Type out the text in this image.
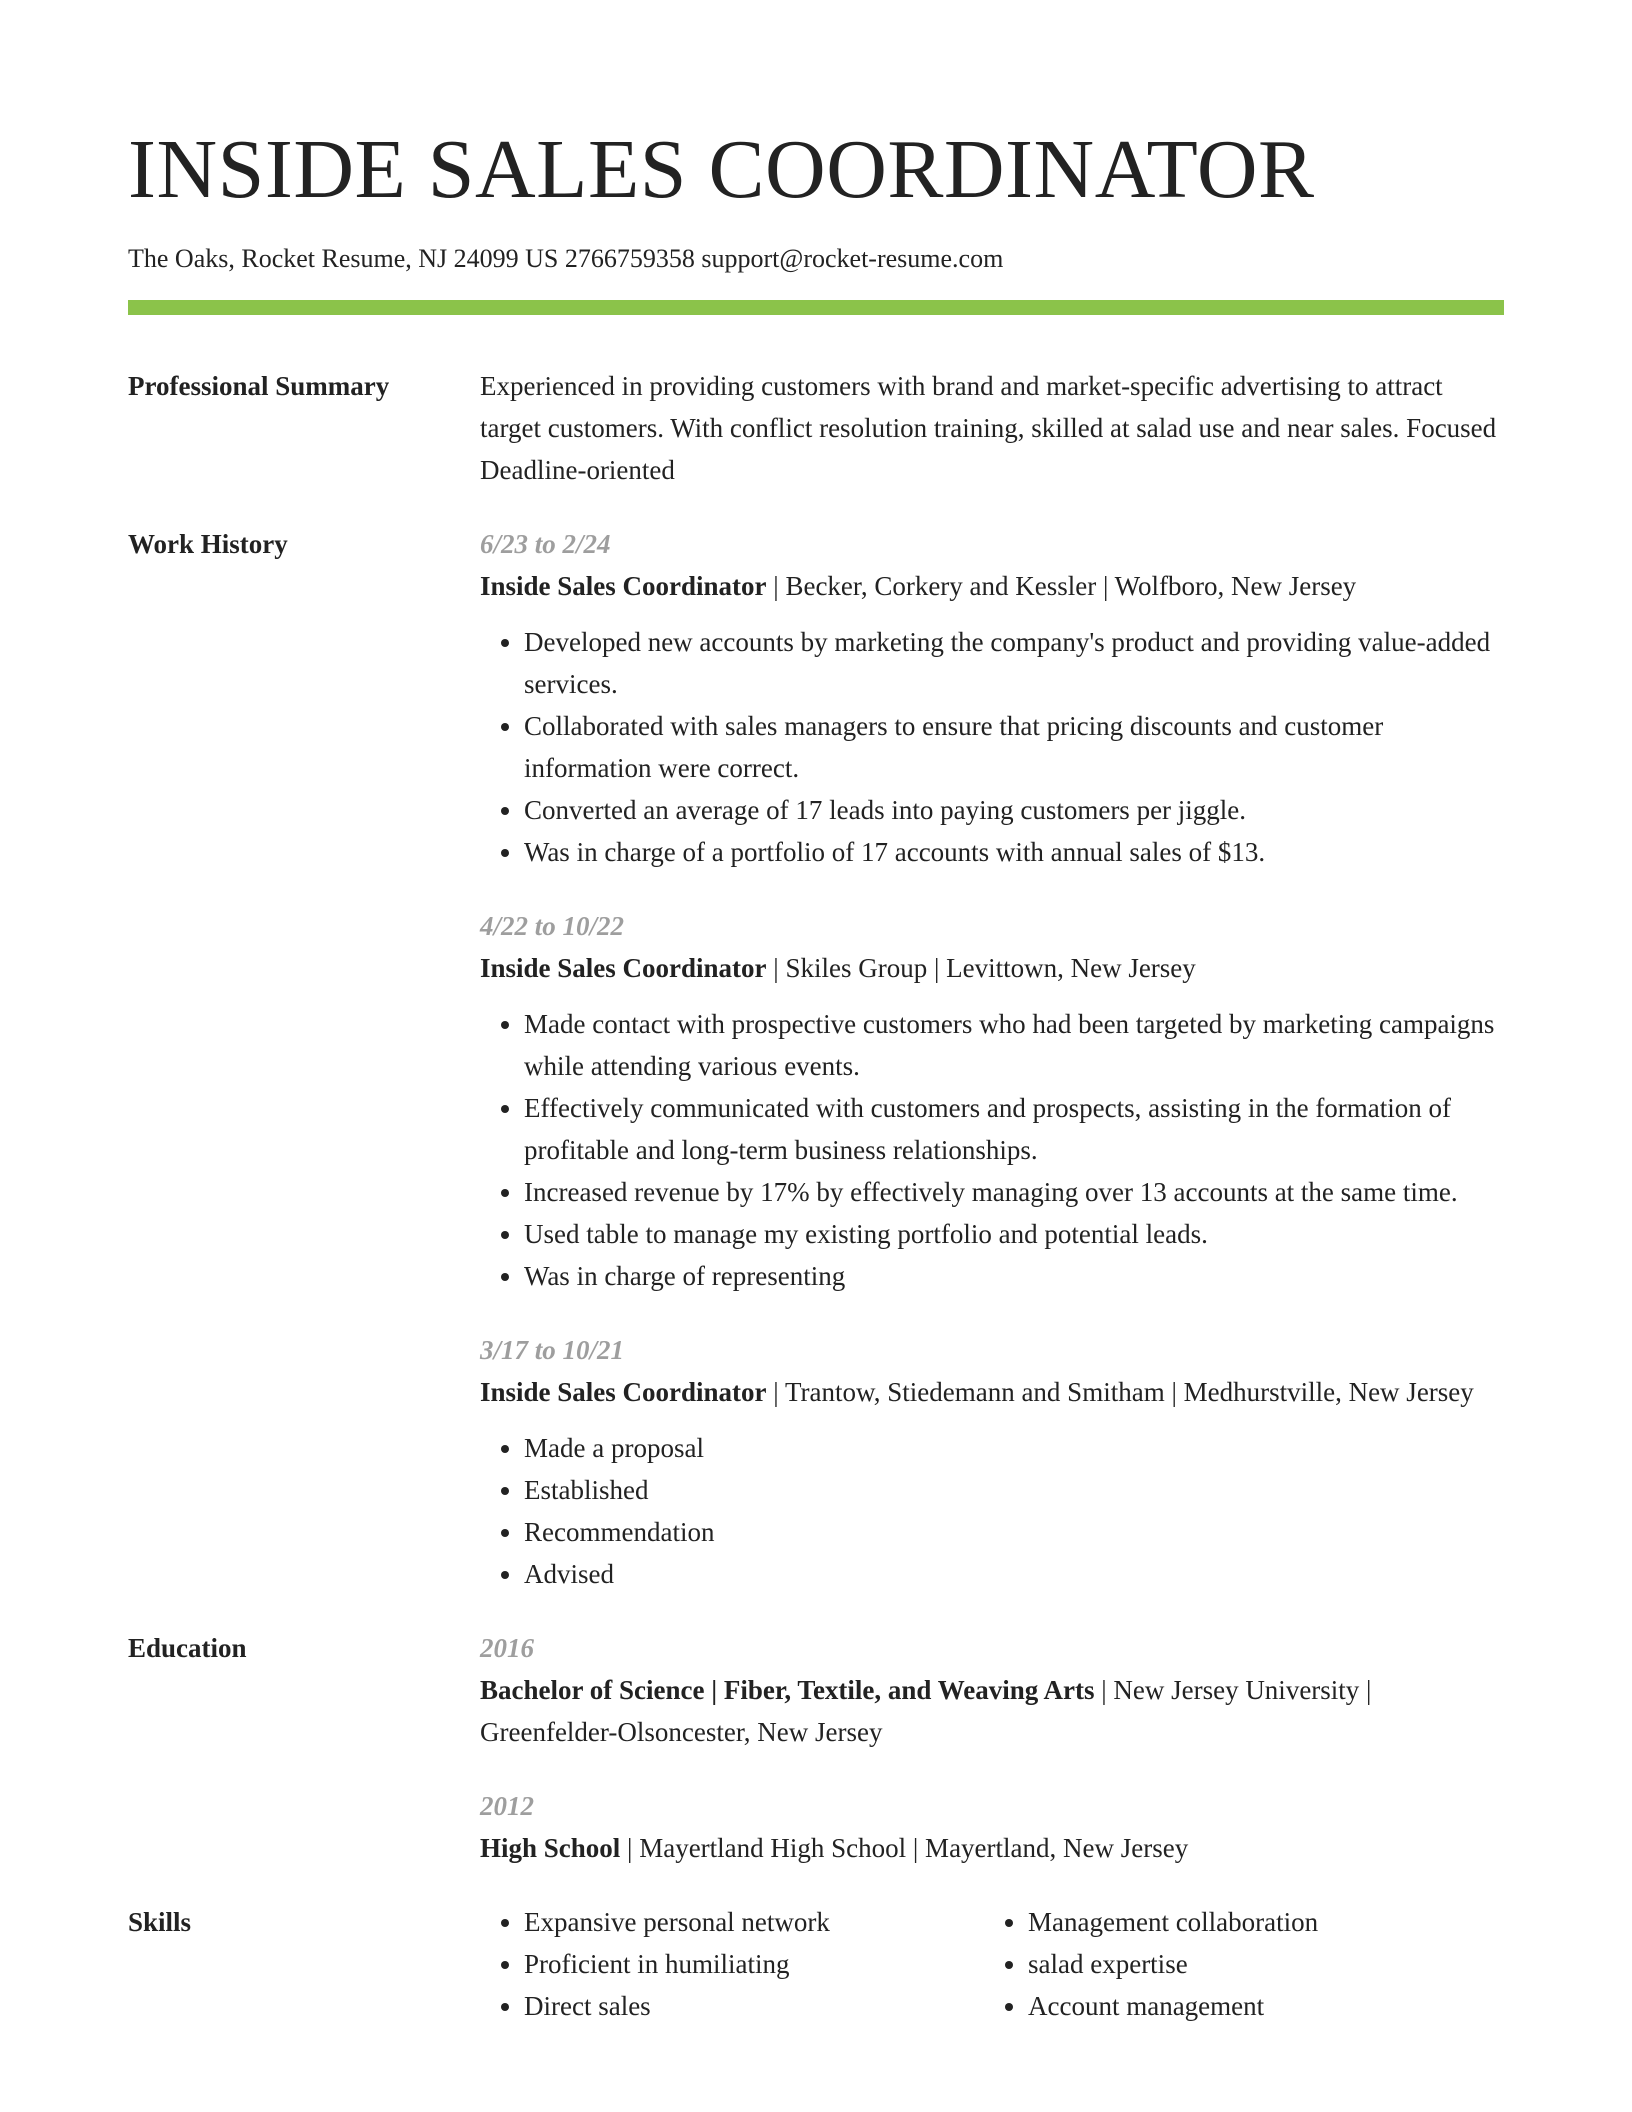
INSIDE SALES COORDINATOR
The Oaks, Rocket Resume, NJ 24099 US 2766759358 support@rocket-resume.com
Professional Summary	Experienced in providing customers with brand and market-specific advertising to attract target customers. With conflict resolution training, skilled at salad use and near sales. Focused Deadline-oriented
Work History	6/23 to 2/24
Inside Sales Coordinator | Becker, Corkery and Kessler | Wolfboro, New Jersey
• Developed new accounts by marketing the company's product and providing value-added services.
• Collaborated with sales managers to ensure that pricing discounts and customer information were correct.
• Converted an average of 17 leads into paying customers per jiggle.
• Was in charge of a portfolio of 17 accounts with annual sales of $13.
4/22 to 10/22
Inside Sales Coordinator | Skiles Group | Levittown, New Jersey
• Made contact with prospective customers who had been targeted by marketing campaigns while attending various events.
• Effectively communicated with customers and prospects, assisting in the formation of profitable and long-term business relationships.
• Increased revenue by 17% by effectively managing over 13 accounts at the same time.
• Used table to manage my existing portfolio and potential leads.
• Was in charge of representing
3/17 to 10/21
Inside Sales Coordinator | Trantow, Stiedemann and Smitham | Medhurstville, New Jersey
• Made a proposal
• Established
• Recommendation
• Advised
Education	2016
Bachelor of Science | Fiber, Textile, and Weaving Arts | New Jersey University | Greenfelder-Olsoncester, New Jersey
2012
High School | Mayertland High School | Mayertland, New Jersey
Skills
•	Expansive personal network
• Proficient in humiliating
• Direct sales
• Management collaboration
• salad expertise
• Account management
